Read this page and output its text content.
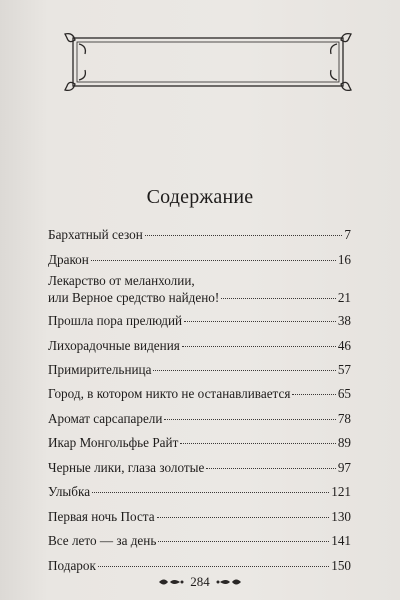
Содержание
Бархатный сезон	7
Дракон	16
Лекарство от меланхолии,
или Верное средство найдено!	21
Прошла пора прелюдий	38
Лихорадочные видения	46
Примирительница	57
Город, в котором никто не останавливается	65
Аромат сарсапарели	78
Икар Монгольфье Райт	89
Черные лики, глаза золотые	97
Улыбка	121
Первая ночь Поста	130
Все лето — за день	141
Подарок	150
284
